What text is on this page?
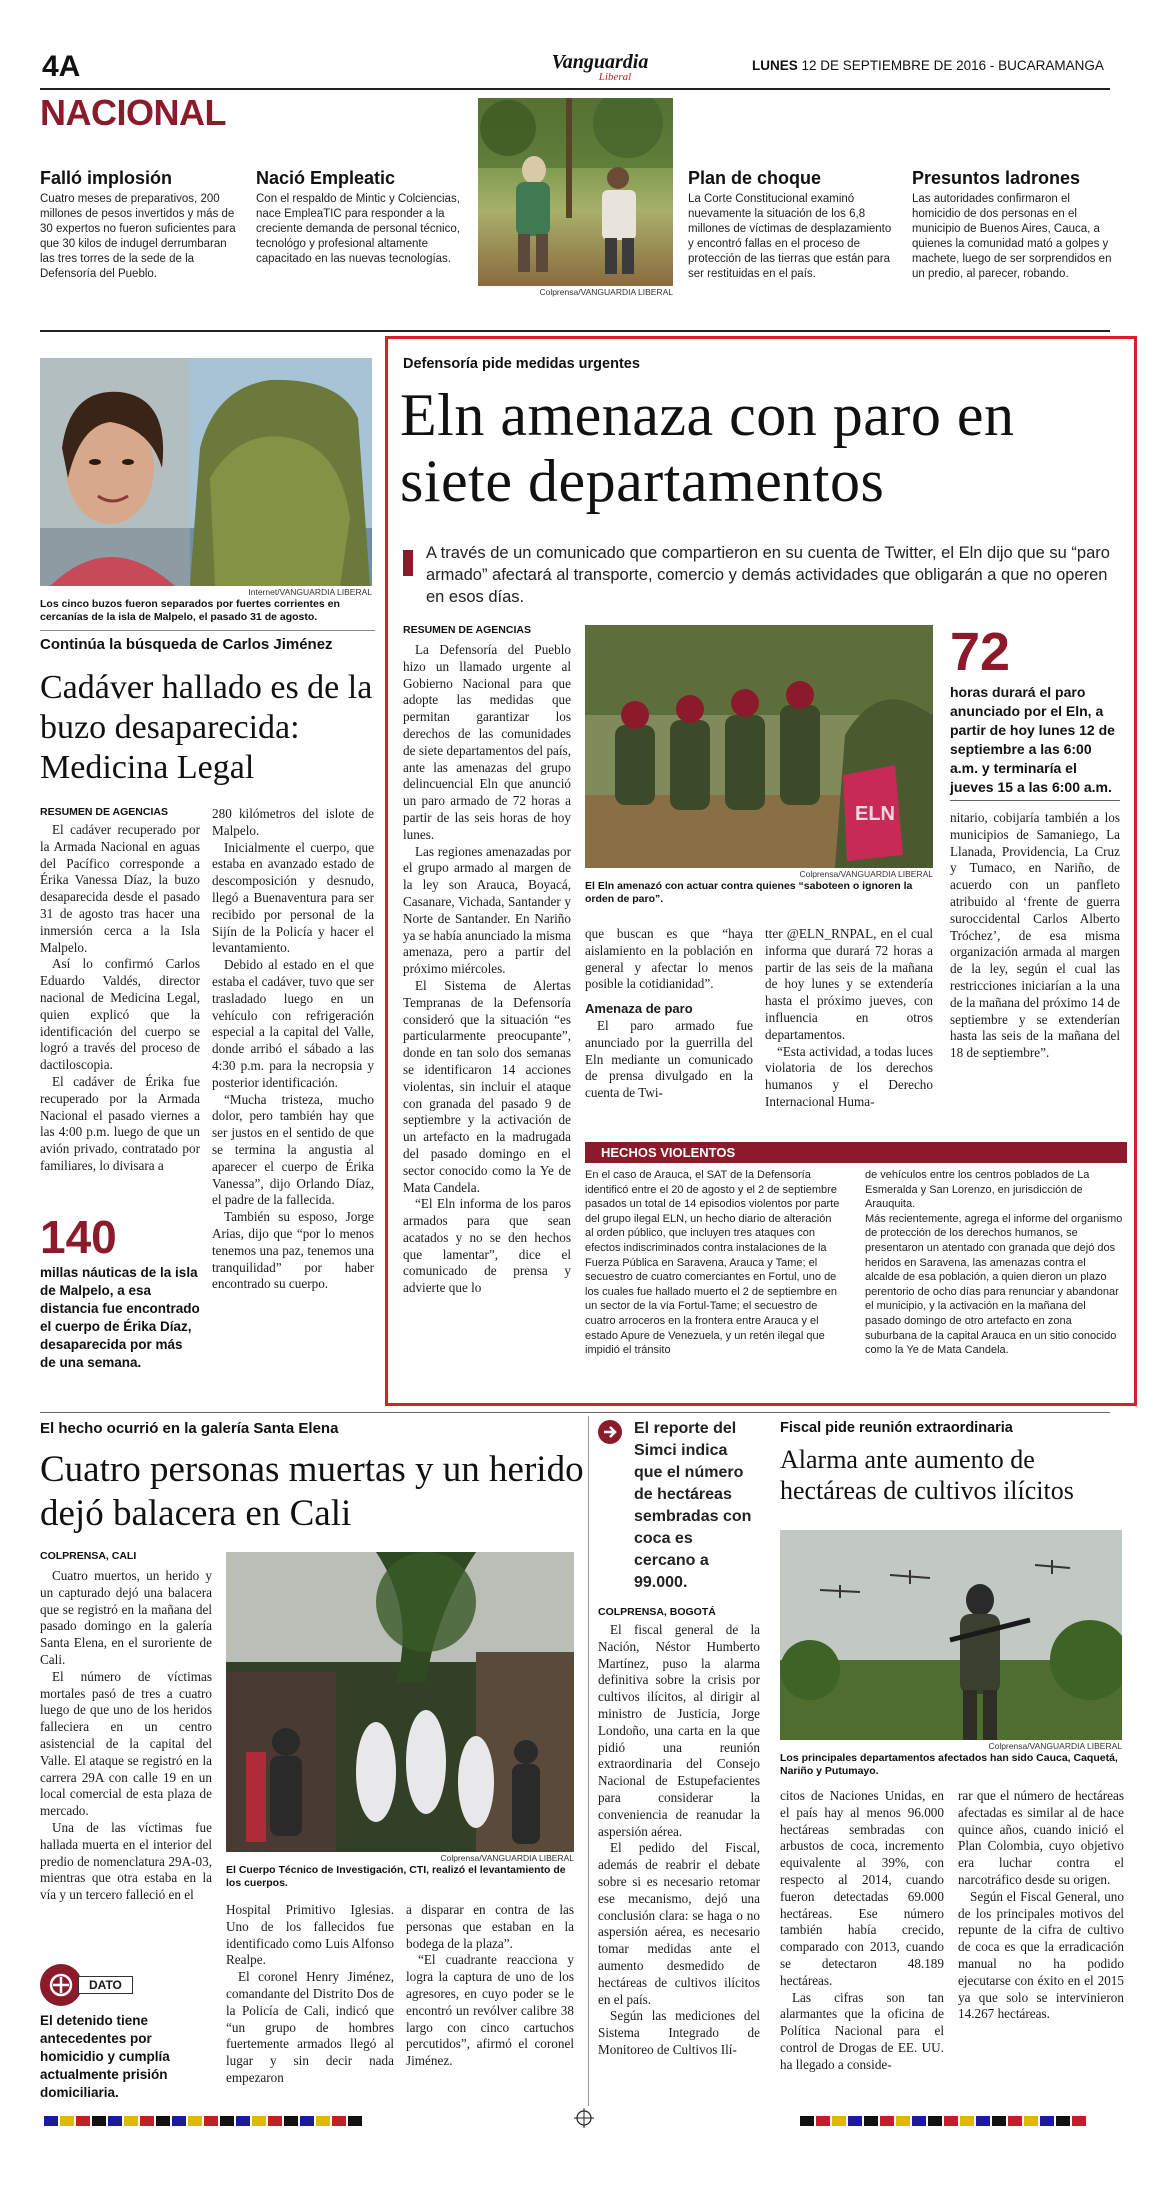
4A	Vanguardia
Liberal
LUNES 12 DE SEPTIEMBRE DE 2016 - BUCARAMANGA
NACIONAL
Falló implosión
Cuatro meses de preparativos, 200 millones de pesos invertidos y más de 30 expertos no fueron suficientes para que 30 kilos de indugel derrumbaran las tres torres de la sede de la Defensoría del Pueblo.
Nació Empleatic
Con el respaldo de Mintic y Colciencias, nace EmpleaTIC para responder a la creciente demanda de personal técnico, tecnológo y profesional altamente capacitado en las nuevas tecnologías.
Colprensa/VANGUARDIA LIBERAL
Plan de choque
La Corte Constitucional examinó nuevamente la situación de los 6,8 millones de víctimas de desplazamiento y encontró fallas en el proceso de protección de las tierras que están para ser restituidas en el país.
Presuntos ladrones
Las autoridades confirmaron el homicidio de dos personas en el municipio de Buenos Aires, Cauca, a quienes la comunidad mató a golpes y machete, luego de ser sorprendidos en un predio, al parecer, robando.
Internet/VANGUARDIA LIBERAL
Los cinco buzos fueron separados por fuertes corrientes en cercanías de la isla de Malpelo, el pasado 31 de agosto.
Continúa la búsqueda de Carlos Jiménez
Cadáver hallado es de la buzo desaparecida: Medicina Legal
RESUMEN DE AGENCIAS

El cadáver recuperado por la Armada Nacional en aguas del Pacífico corresponde a Érika Vanessa Díaz, la buzo desaparecida desde el pasado 31 de agosto tras hacer una inmersión cerca a la Isla Malpelo.

Así lo confirmó Carlos Eduardo Valdés, director nacional de Medicina Legal, quien explicó que la identificación del cuerpo se logró a través del proceso de dactiloscopia.

El cadáver de Érika fue recuperado por la Armada Nacional el pasado viernes a las 4:00 p.m. luego de que un avión privado, contratado por familiares, lo divisara a

140
millas náuticas de la isla de Malpelo, a esa distancia fue encontrado el cuerpo de Érika Díaz, desaparecida por más de una semana.

280 kilómetros del islote de Malpelo.

Inicialmente el cuerpo, que estaba en avanzado estado de descomposición y desnudo, llegó a Buenaventura para ser recibido por personal de la Sijín de la Policía y hacer el levantamiento.

Debido al estado en el que estaba el cadáver, tuvo que ser trasladado luego en un vehículo con refrigeración especial a la capital del Valle, donde arribó el sábado a las 4:30 p.m. para la necropsia y posterior identificación.

“Mucha tristeza, mucho dolor, pero también hay que ser justos en el sentido de que se termina la angustia al aparecer el cuerpo de Érika Vanessa”, dijo Orlando Díaz, el padre de la fallecida.

También su esposo, Jorge Arias, dijo que “por lo menos tenemos una paz, tenemos una tranquilidad” por haber encontrado su cuerpo.

Defensoría pide medidas urgentes
Eln amenaza con paro en siete departamentos
A través de un comunicado que compartieron en su cuenta de Twitter, el Eln dijo que su “paro armado” afectará al transporte, comercio y demás actividades que obligarán a que no operen en esos días.
RESUMEN DE AGENCIAS

La Defensoría del Pueblo hizo un llamado urgente al Gobierno Nacional para que adopte las medidas que permitan garantizar los derechos de las comunidades de siete departamentos del país, ante las amenazas del grupo delincuencial Eln que anunció un paro armado de 72 horas a partir de las seis horas de hoy lunes.

Las regiones amenazadas por el grupo armado al margen de la ley son Arauca, Boyacá, Casanare, Vichada, Santander y Norte de Santander. En Nariño ya se había anunciado la misma amenaza, pero a partir del próximo miércoles.

El Sistema de Alertas Tempranas de la Defensoría consideró que la situación “es particularmente preocupante”, donde en tan solo dos semanas se identificaron 14 acciones violentas, sin incluir el ataque con granada del pasado 9 de septiembre y la activación de un artefacto en la madrugada del pasado domingo en el sector conocido como la Ye de Mata Candela.

“El Eln informa de los paros armados para que sean acatados y no se den hechos que lamentar”, dice el comunicado de prensa y advierte que lo

ELN
Colprensa/VANGUARDIA LIBERAL
El Eln amenazó con actuar contra quienes “saboteen o ignoren la orden de paro”.
72
horas durará el paro anunciado por el Eln, a partir de hoy lunes 12 de septiembre a las 6:00 a.m. y terminaría el jueves 15 a las 6:00 a.m.

que buscan es que “haya aislamiento en la población en general y afectar lo menos posible la cotidianidad”.

Amenaza de paro

El paro armado fue anunciado por la guerrilla del Eln mediante un comunicado de prensa divulgado en la cuenta de Twi-

tter @ELN_RNPAL, en el cual informa que durará 72 horas a partir de las seis de la mañana de hoy lunes y se extendería hasta el próximo jueves, con influencia en otros departamentos.

“Esta actividad, a todas luces violatoria de los derechos humanos y el Derecho Internacional Huma-

nitario, cobijaría también a los municipios de Samaniego, La Llanada, Providencia, La Cruz y Tumaco, en Nariño, de acuerdo con un panfleto atribuido al ‘frente de guerra suroccidental Carlos Alberto Tróchez’, de esa misma organización armada al margen de la ley, según el cual las restricciones iniciarían a la una de la mañana del próximo 14 de septiembre y se extenderían hasta las seis de la mañana del 18 de septiembre”.

HECHOS VIOLENTOS
En el caso de Arauca, el SAT de la Defensoría identificó entre el 20 de agosto y el 2 de septiembre pasados un total de 14 episodios violentos por parte del grupo ilegal ELN, un hecho diario de alteración al orden público, que incluyen tres ataques con efectos indiscriminados contra instalaciones de la Fuerza Pública en Saravena, Arauca y Tame; el secuestro de cuatro comerciantes en Fortul, uno de los cuales fue hallado muerto el 2 de septiembre en un sector de la vía Fortul-Tame; el secuestro de cuatro arroceros en la frontera entre Arauca y el estado Apure de Venezuela, y un retén ilegal que impidió el tránsito
de vehículos entre los centros poblados de La Esmeralda y San Lorenzo, en jurisdicción de Arauquita.
Más recientemente, agrega el informe del organismo de protección de los derechos humanos, se presentaron un atentado con granada que dejó dos heridos en Saravena, las amenazas contra el alcalde de esa población, a quien dieron un plazo perentorio de ocho días para renunciar y abandonar el municipio, y la activación en la mañana del pasado domingo de otro artefacto en zona suburbana de la capital Arauca en un sitio conocido como la Ye de Mata Candela.
El hecho ocurrió en la galería Santa Elena
Cuatro personas muertas y un herido dejó balacera en Cali
COLPRENSA, CALI

Cuatro muertos, un herido y un capturado dejó una balacera que se registró en la mañana del pasado domingo en la galería Santa Elena, en el suroriente de Cali.

El número de víctimas mortales pasó de tres a cuatro luego de que uno de los heridos falleciera en un centro asistencial de la capital del Valle. El ataque se registró en la carrera 29A con calle 19 en un local comercial de esta plaza de mercado.

Una de las víctimas fue hallada muerta en el interior del predio de nomenclatura 29A-03, mientras que otra estaba en la vía y un tercero falleció en el

Colprensa/VANGUARDIA LIBERAL
El Cuerpo Técnico de Investigación, CTI, realizó el levantamiento de los cuerpos.

Hospital Primitivo Iglesias. Uno de los fallecidos fue identificado como Luis Alfonso Realpe.

El coronel Henry Jiménez, comandante del Distrito Dos de la Policía de Cali, indicó que “un grupo de hombres fuertemente armados llegó al lugar y sin decir nada empezaron

a disparar en contra de las personas que estaban en la bodega de la plaza”.

“El cuadrante reacciona y logra la captura de uno de los agresores, en cuyo poder se le encontró un revólver calibre 38 largo con cinco cartuchos percutidos”, afirmó el coronel Jiménez.

DATO
El detenido tiene antecedentes por homicidio y cumplía actualmente prisión domiciliaria.
El reporte del Simci indica que el número de hectáreas sembradas con coca es cercano a 99.000.
COLPRENSA, BOGOTÁ

El fiscal general de la Nación, Néstor Humberto Martínez, puso la alarma definitiva sobre la crisis por cultivos ilícitos, al dirigir al ministro de Justicia, Jorge Londoño, una carta en la que pidió una reunión extraordinaria del Consejo Nacional de Estupefacientes para considerar la conveniencia de reanudar la aspersión aérea.

El pedido del Fiscal, además de reabrir el debate sobre si es necesario retomar ese mecanismo, dejó una conclusión clara: se haga o no aspersión aérea, es necesario tomar medidas ante el aumento desmedido de hectáreas de cultivos ilícitos en el país.

Según las mediciones del Sistema Integrado de Monitoreo de Cultivos Ilí-

Fiscal pide reunión extraordinaria
Alarma ante aumento de hectáreas de cultivos ilícitos
Colprensa/VANGUARDIA LIBERAL
Los principales departamentos afectados han sido Cauca, Caquetá, Nariño y Putumayo.

citos de Naciones Unidas, en el país hay al menos 96.000 hectáreas sembradas con arbustos de coca, incremento equivalente al 39%, con respecto al 2014, cuando fueron detectadas 69.000 hectáreas. Ese número también había crecido, comparado con 2013, cuando se detectaron 48.189 hectáreas.

Las cifras son tan alarmantes que la oficina de Política Nacional para el control de Drogas de EE. UU. ha llegado a conside-

rar que el número de hectáreas afectadas es similar al de hace quince años, cuando inició el Plan Colombia, cuyo objetivo era luchar contra el narcotráfico desde su origen.

Según el Fiscal General, uno de los principales motivos del repunte de la cifra de cultivo de coca es que la erradicación manual no ha podido ejecutarse con éxito en el 2015 ya que solo se intervinieron 14.267 hectáreas.
